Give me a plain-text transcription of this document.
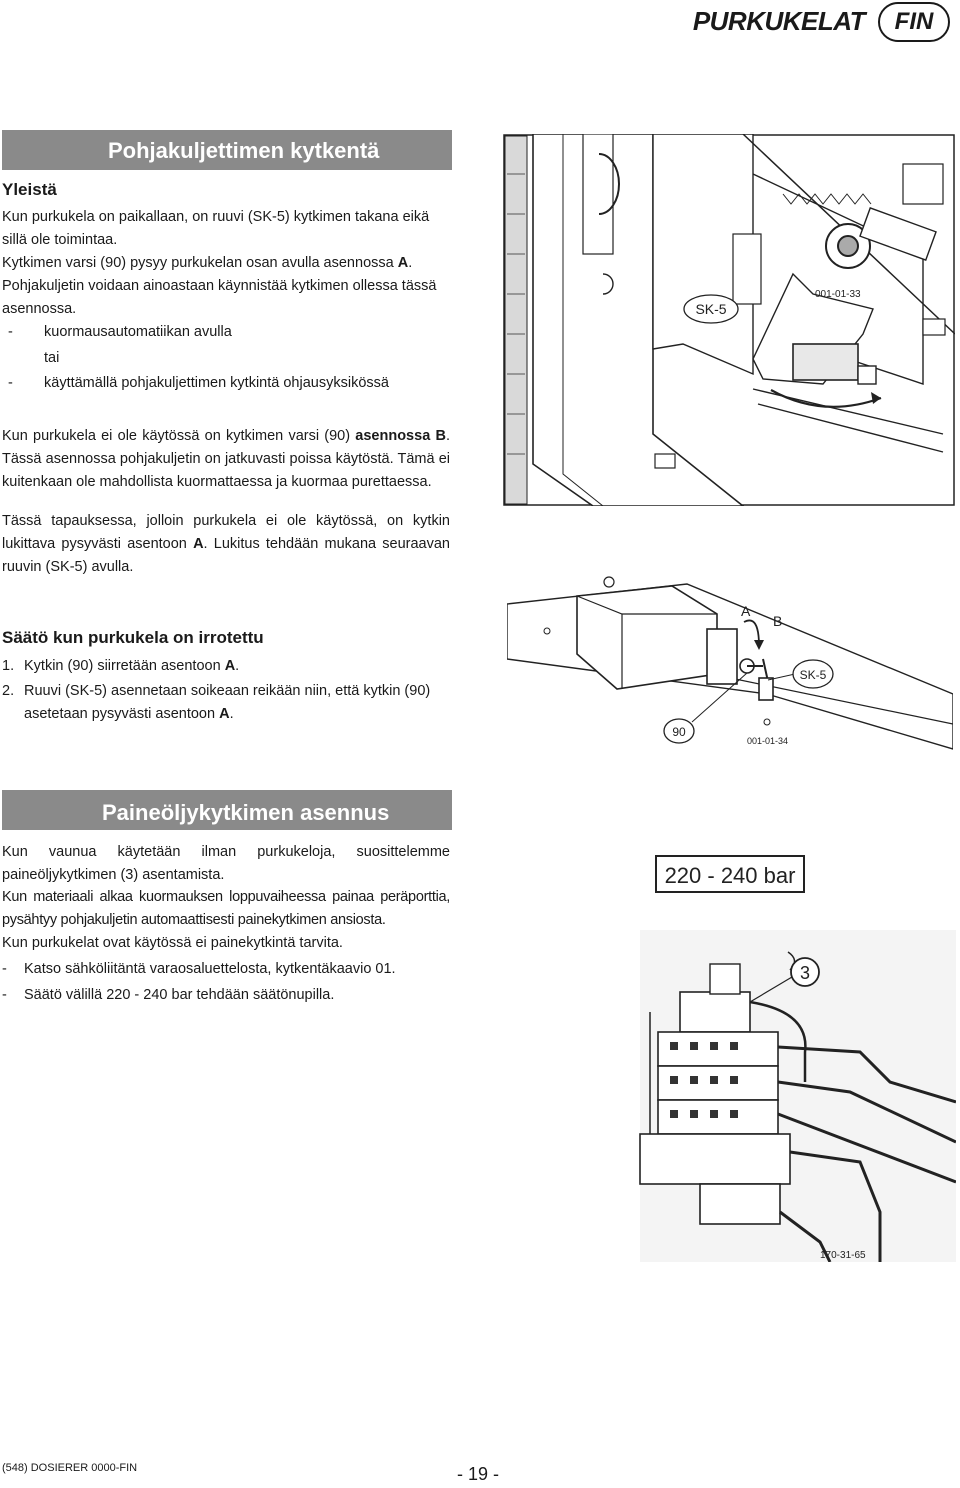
PURKUKELAT	FIN
Pohjakuljettimen kytkentä
Yleistä
Kun purkukela on paikallaan, on ruuvi (SK-5) kytkimen takana eikä sillä ole toimintaa.
Kytkimen varsi (90) pysyy purkukelan osan avulla asennossa A.
Pohjakuljetin voidaan ainoastaan käynnistää kytkimen ollessa tässä asennossa.
- kuormausautomatiikan avulla
tai
- käyttämällä pohjakuljettimen kytkintä ohjausyksikössä
Kun purkukela ei ole käytössä on kytkimen varsi (90) asennossa B. Tässä asennossa pohjakuljetin on jatkuvasti poissa käytöstä. Tämä ei kuitenkaan ole mahdollista kuormattaessa ja kuormaa purettaessa.
Tässä tapauksessa, jolloin purkukela ei ole käytössä, on kytkin lukittava pysyvästi asentoon A. Lukitus tehdään mukana seuraavan ruuvin (SK-5) avulla.
Säätö kun purkukela on irrotettu
1. Kytkin (90) siirretään asentoon A.
2. Ruuvi (SK-5) asennetaan soikeaan reikään niin, että kytkin (90) asetetaan pysyvästi asentoon A.
SK-5
001-01-33
A
B
SK-5
90
001-01-34
Paineöljykytkimen asennus
Kun vaunua käytetään ilman purkukeloja, suosittelemme paineöljykytkimen (3) asentamista.
Kun materiaali alkaa kuormauksen loppuvaiheessa painaa peräporttia, pysähtyy pohjakuljetin automaattisesti painekytkimen ansiosta.
Kun purkukelat ovat käytössä ei painekytkintä tarvita.
- Katso sähköliitäntä varaosaluettelosta, kytkentäkaavio 01.
- Säätö välillä 220 - 240 bar tehdään säätönupilla.
220 - 240 bar
3
170-31-65
(548) DOSIERER 0000-FIN	- 19 -
